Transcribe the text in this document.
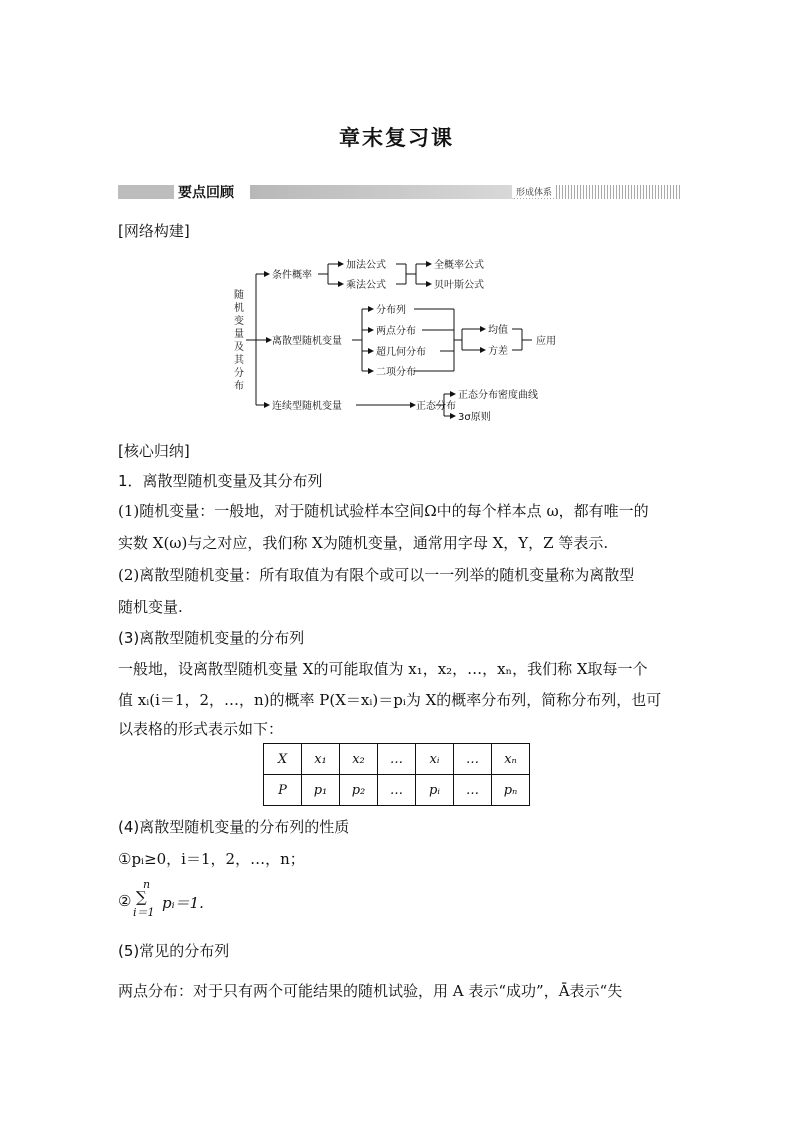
章末复习课
要点回顾	形成体系
[网络构建]
随
机
变
量
及
其
分
布
条件概率
加法公式
乘法公式
全概率公式
贝叶斯公式
离散型随机变量
分布列
两点分布
超几何分布
二项分布
均值
方差
应用
连续型随机变量	正态分布
正态分布密度曲线
3σ原则
[核心归纳]
1．离散型随机变量及其分布列
(1)随机变量：一般地，对于随机试验样本空间Ω中的每个样本点 ω，都有唯一的
实数 X(ω)与之对应，我们称 X为随机变量，通常用字母 X，Y，Z 等表示.
(2)离散型随机变量：所有取值为有限个或可以一一列举的随机变量称为离散型
随机变量.
(3)离散型随机变量的分布列
一般地，设离散型随机变量 X的可能取值为 x₁，x₂，…，xₙ，我们称 X取每一个
值 xᵢ(i＝1，2，…，n)的概率 P(X＝xᵢ)＝pᵢ为 X的概率分布列，简称分布列，也可
以表格的形式表示如下：
X	x₁	x₂	…	xᵢ	…	xₙ
P	p₁	p₂	…	pᵢ	…	pₙ
(4)离散型随机变量的分布列的性质
①pᵢ≥0，i＝1，2，…，n；
②
n
∑
i＝1
pᵢ＝1.
(5)常见的分布列
两点分布：对于只有两个可能结果的随机试验，用 A 表示“成功”，Ā表示“失
